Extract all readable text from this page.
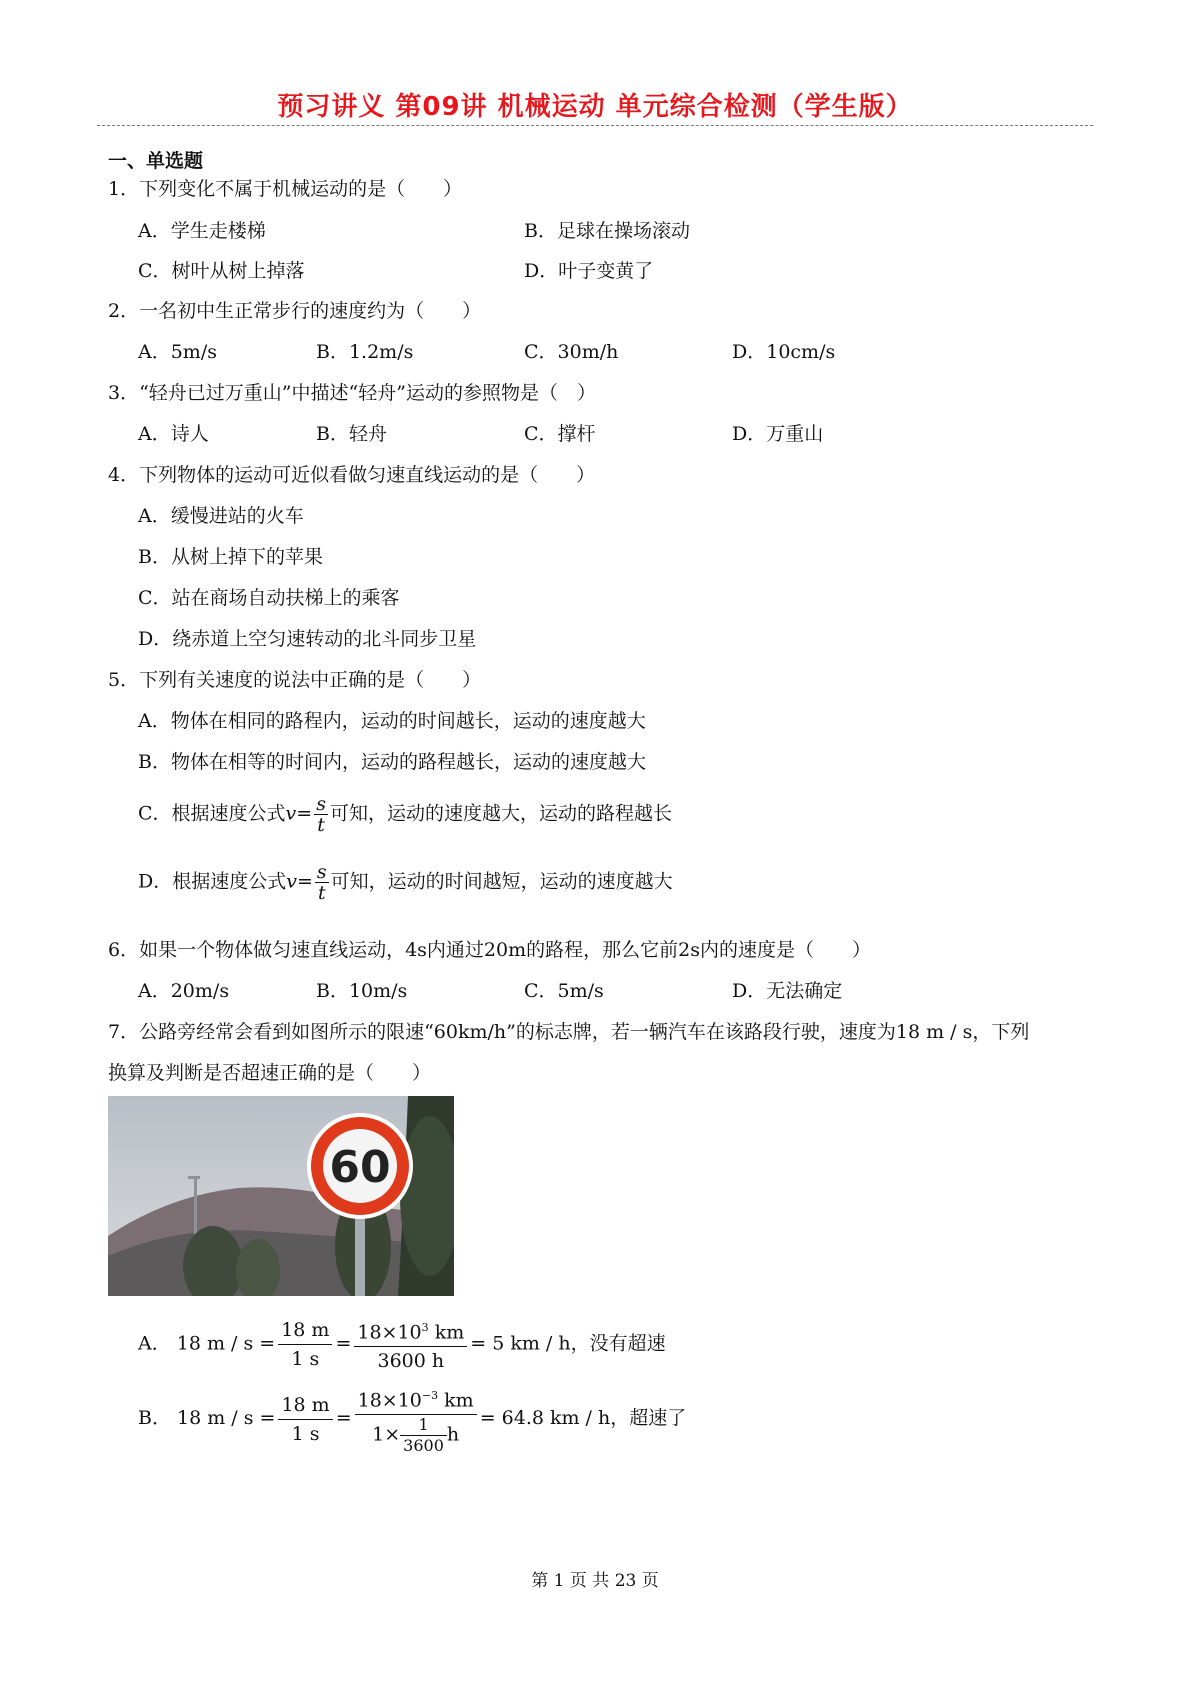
预习讲义 第09讲 机械运动 单元综合检测（学生版）
一、单选题
1．下列变化不属于机械运动的是（　　）
A．学生走楼梯	B．足球在操场滚动
C．树叶从树上掉落	D．叶子变黄了
2．一名初中生正常步行的速度约为（　　）
A．5m/s	B．1.2m/s	C．30m/h	D．10cm/s
3．“轻舟已过万重山”中描述“轻舟”运动的参照物是（　）
A．诗人	B．轻舟	C．撑杆	D．万重山
4．下列物体的运动可近似看做匀速直线运动的是（　　）
A．缓慢进站的火车
B．从树上掉下的苹果
C．站在商场自动扶梯上的乘客
D．绕赤道上空匀速转动的北斗同步卫星
5．下列有关速度的说法中正确的是（　　）
A．物体在相同的路程内，运动的时间越长，运动的速度越大
B．物体在相等的时间内，运动的路程越长，运动的速度越大
C．根据速度公式$v= \frac{s}{t}$ 可知，运动的速度越大，运动的路程越长
D．根据速度公式$v= \frac{s}{t}$ 可知，运动的时间越短，运动的速度越大
6．如果一个物体做匀速直线运动，4s内通过20m的路程，那么它前2s内的速度是（　　）
A．20m/s	B．10m/s	C．5m/s	D．无法确定
7．公路旁经常会看到如图所示的限速“60km/h”的标志牌，若一辆汽车在该路段行驶，速度为18 m / s，下列
换算及判断是否超速正确的是（　　）
60
A． 18 $m / s = \frac{18 m}{1 s} = \frac{18\times 10^3 km}{3600 h} = 5$ km / h，没有超速
B． 18 $m / s = \frac{18 m}{1 s} = \frac{18\times 10^{-3} km}{1\times \frac{1}{3600} h} = 64.8$ km / h，超速了
第 1 页 共 23 页
